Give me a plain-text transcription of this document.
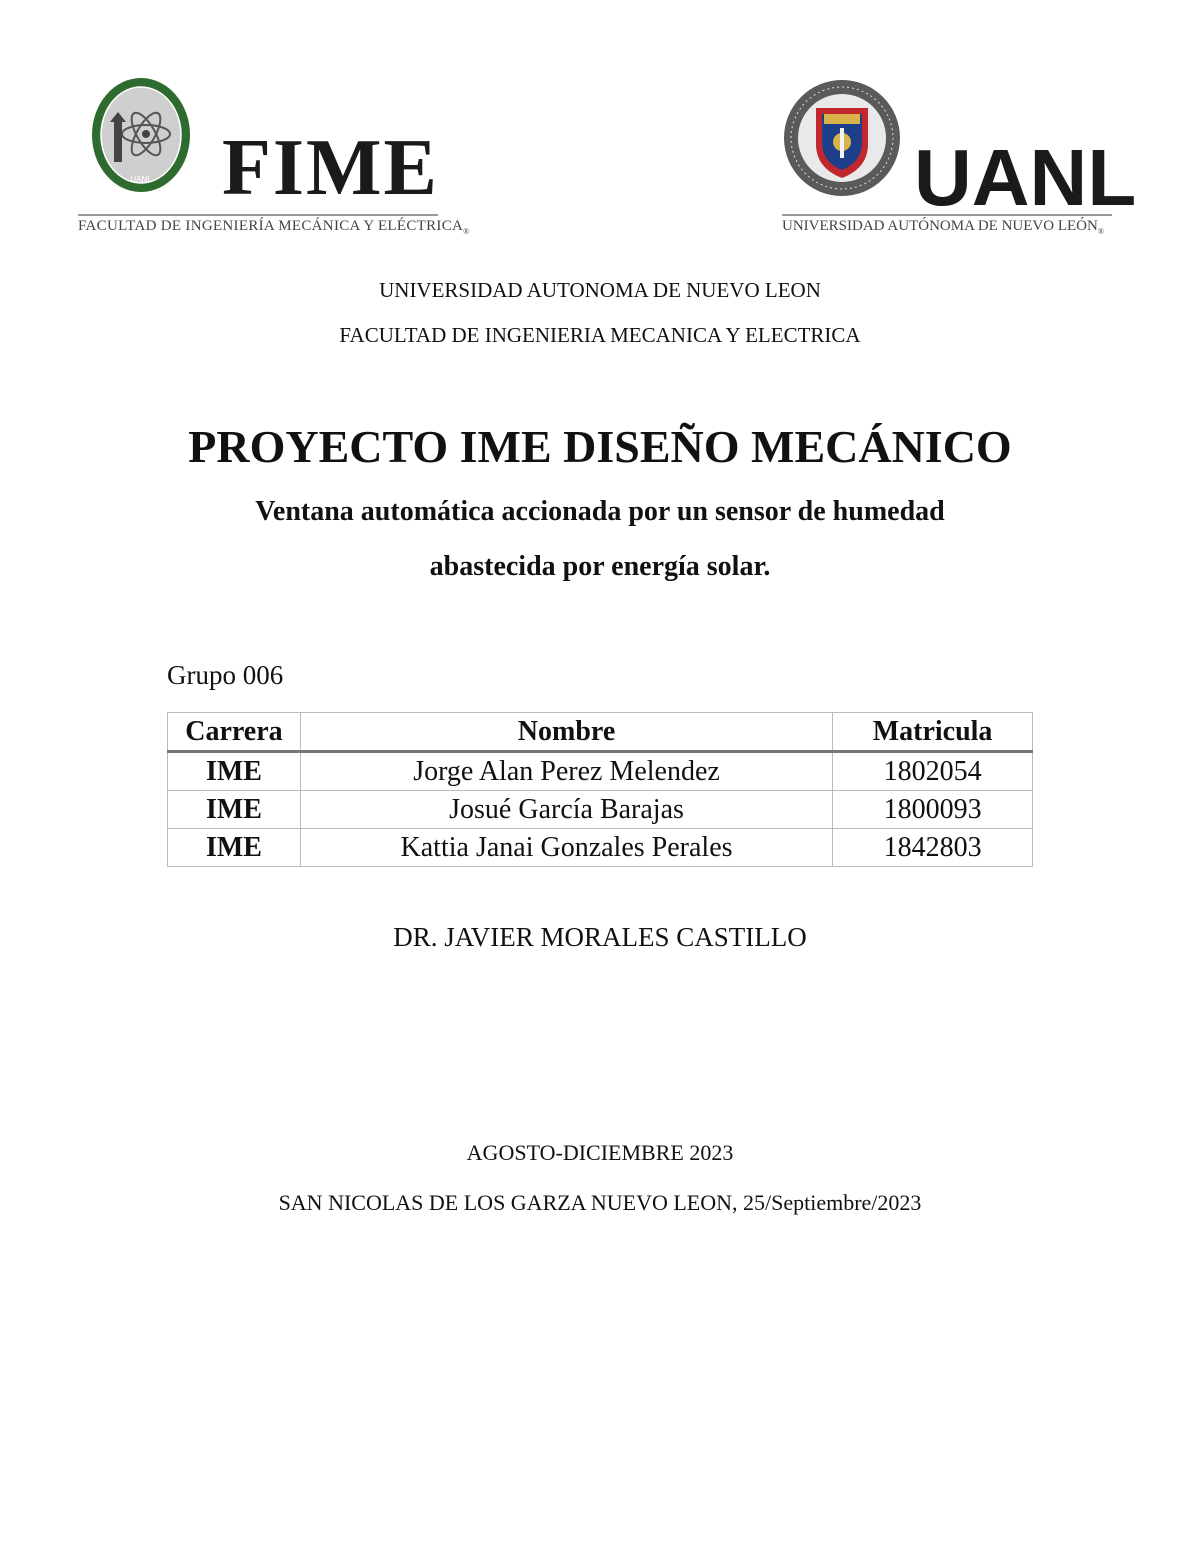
UANL FIME
FACULTAD DE INGENIERÍA MECÁNICA Y $ELÉCTRICA_®$
UANL
UNIVERSIDAD AUTÓNOMA DE NUEVO $LEÓN_®$
UNIVERSIDAD AUTONOMA DE NUEVO LEON
FACULTAD DE INGENIERIA MECANICA Y ELECTRICA
PROYECTO IME DISEÑO MECÁNICO
Ventana automática accionada por un sensor de humedad
abastecida por energía solar.
Grupo 006
Carrera	Nombre	Matricula
IME	Jorge Alan Perez Melendez	1802054
IME	Josué García Barajas	1800093
IME	Kattia Janai Gonzales Perales	1842803
DR. JAVIER MORALES CASTILLO
AGOSTO-DICIEMBRE 2023
SAN NICOLAS DE LOS GARZA NUEVO LEON, 25/Septiembre/2023
